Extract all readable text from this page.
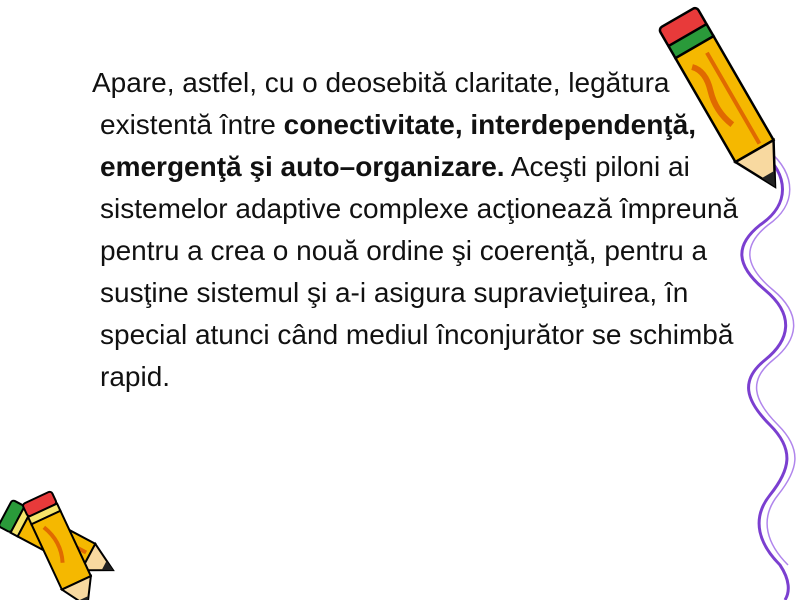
Apare, astfel, cu o deosebită claritate, legătura existentă între conectivitate, interdependenţă, emergenţă şi auto–organizare. Aceşti piloni ai sistemelor adaptive complexe acţionează împreună pentru a crea o nouă ordine şi coerenţă, pentru a susţine sistemul şi a-i asigura supravieţuirea, în special atunci când mediul înconjurător se schimbă rapid.
